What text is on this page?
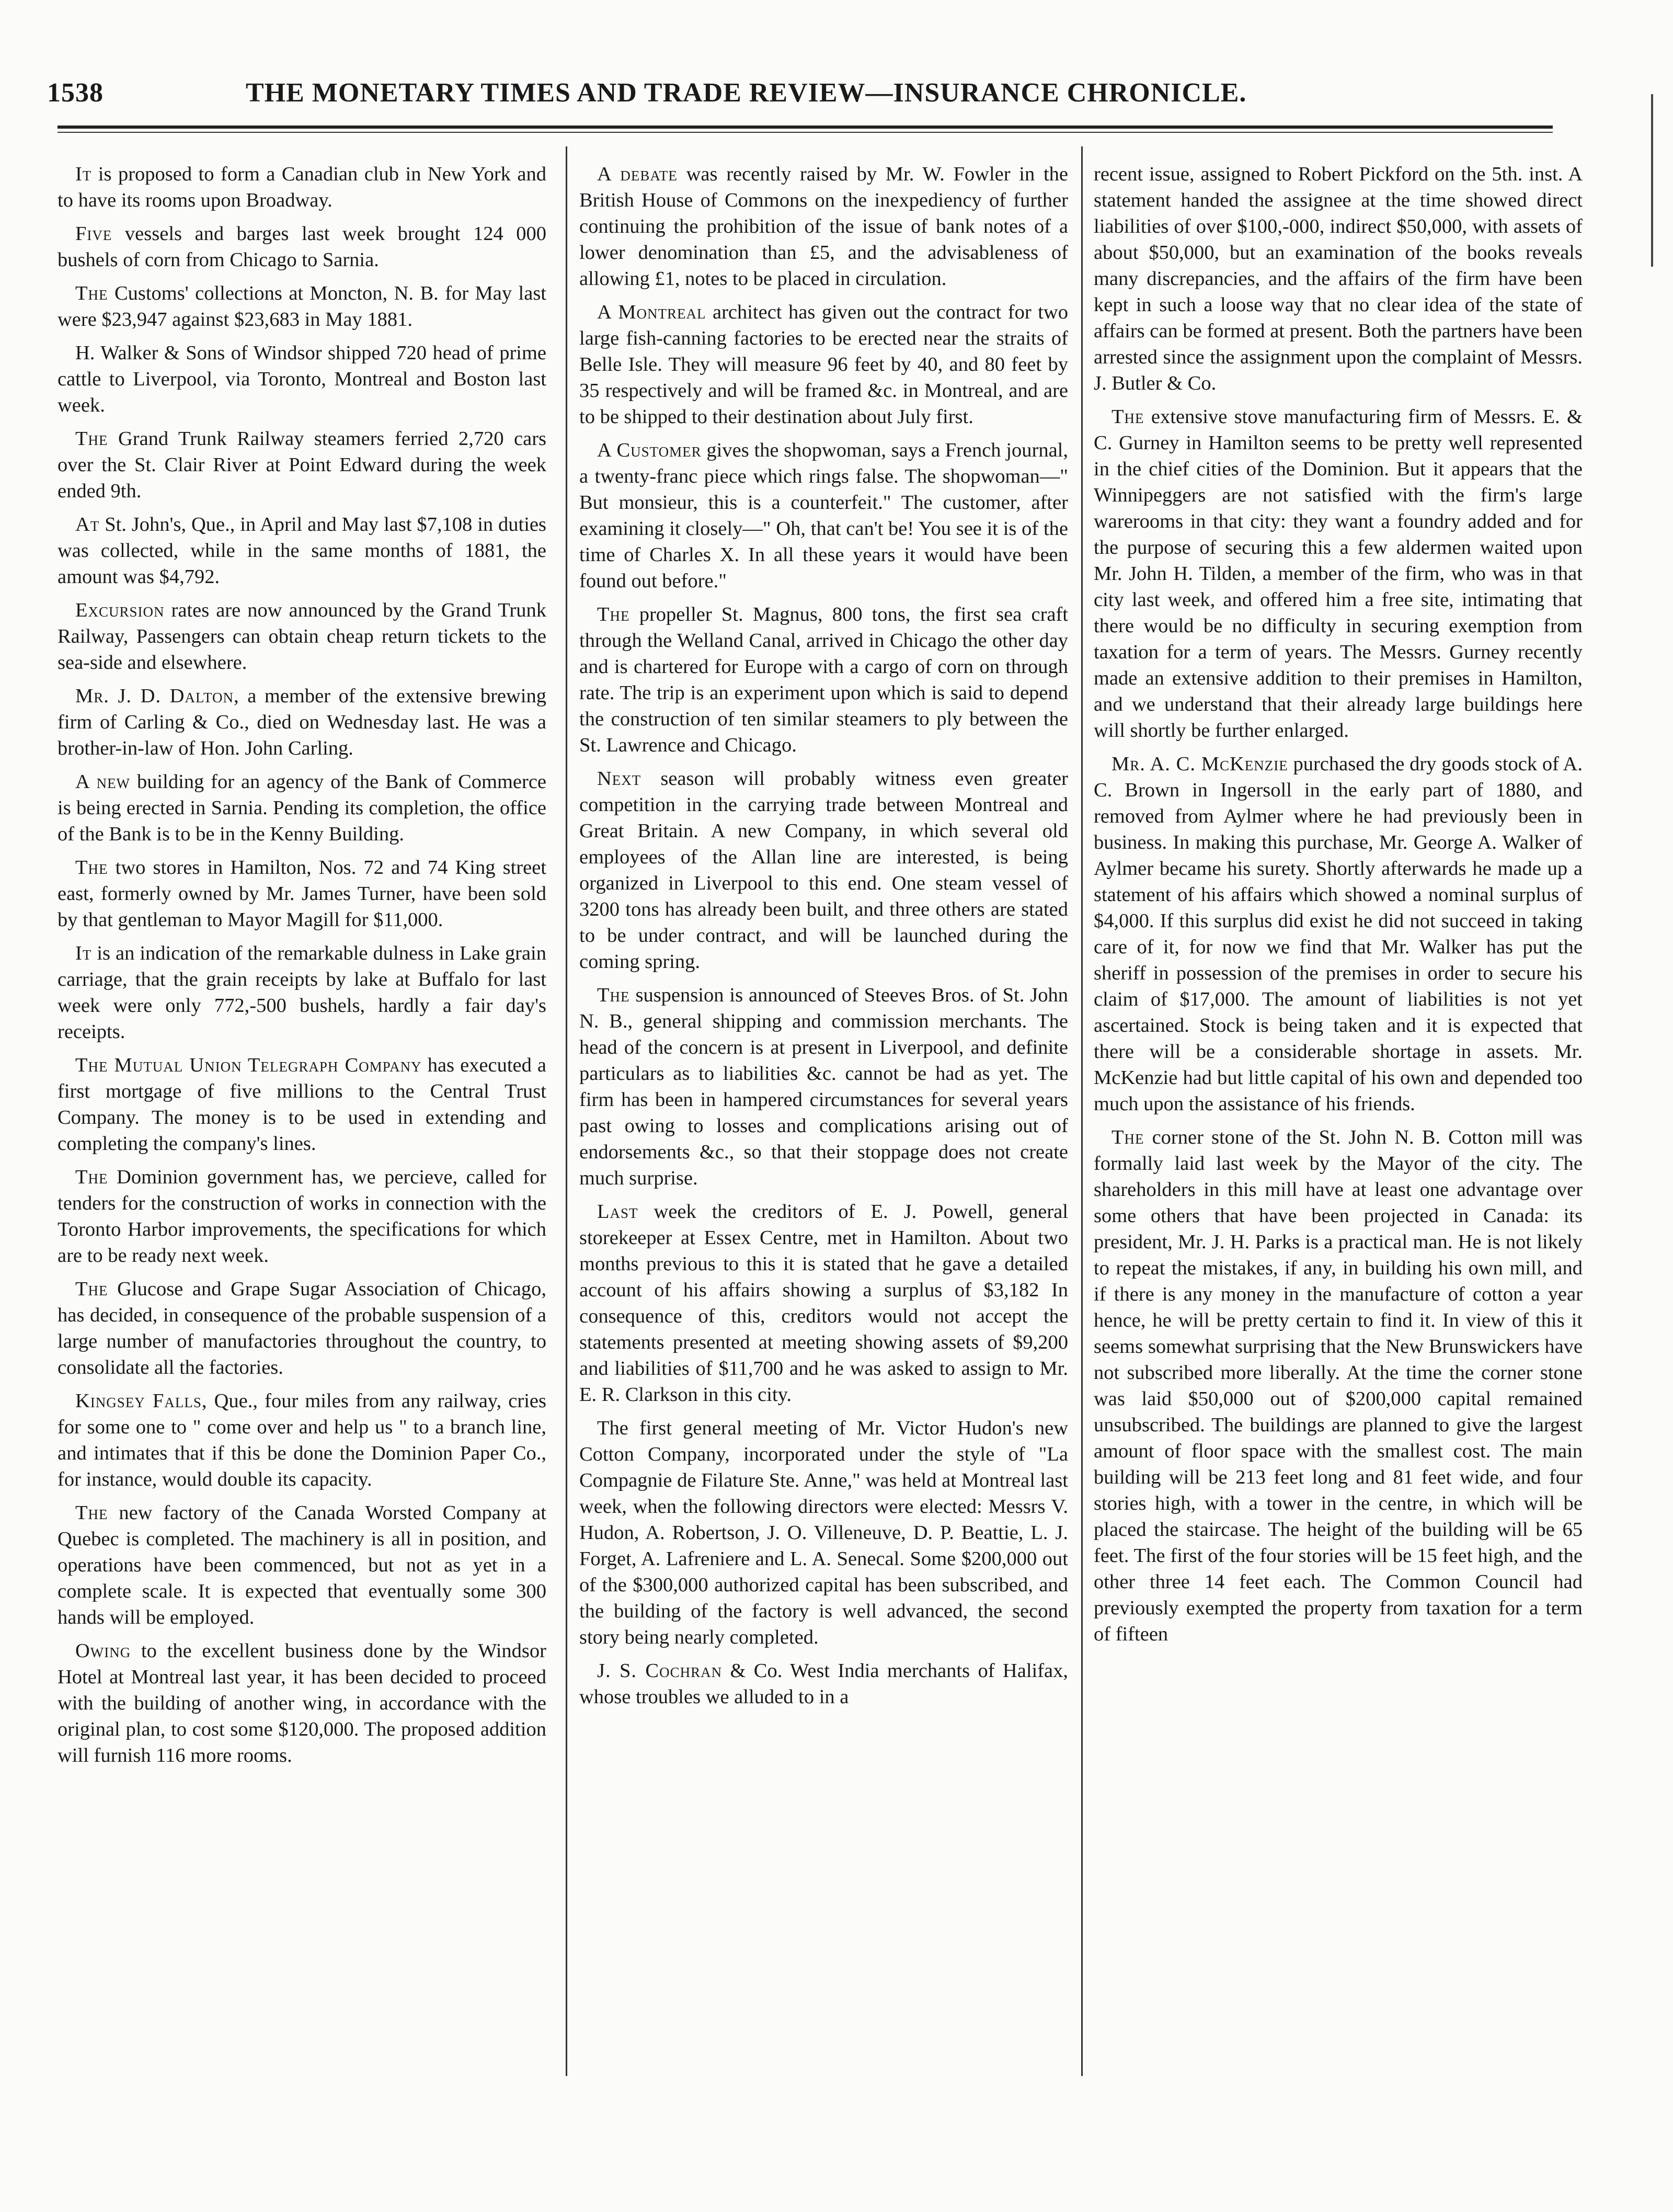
1538	THE MONETARY TIMES AND TRADE REVIEW—INSURANCE CHRONICLE.

It is proposed to form a Canadian club in New York and to have its rooms upon Broadway.

Five vessels and barges last week brought 124 000 bushels of corn from Chicago to Sarnia.

The Customs' collections at Moncton, N. B. for May last were $23,947 against $23,683 in May 1881.

H. Walker & Sons of Windsor shipped 720 head of prime cattle to Liverpool, via Toronto, Montreal and Boston last week.

The Grand Trunk Railway steamers ferried 2,720 cars over the St. Clair River at Point Edward during the week ended 9th.

At St. John's, Que., in April and May last $7,108 in duties was collected, while in the same months of 1881, the amount was $4,792.

Excursion rates are now announced by the Grand Trunk Railway, Passengers can obtain cheap return tickets to the sea-side and elsewhere.

Mr. J. D. Dalton, a member of the extensive brewing firm of Carling & Co., died on Wednesday last. He was a brother-in-law of Hon. John Carling.

A new building for an agency of the Bank of Commerce is being erected in Sarnia. Pending its completion, the office of the Bank is to be in the Kenny Building.

The two stores in Hamilton, Nos. 72 and 74 King street east, formerly owned by Mr. James Turner, have been sold by that gentleman to Mayor Magill for $11,000.

It is an indication of the remarkable dulness in Lake grain carriage, that the grain receipts by lake at Buffalo for last week were only 772,-500 bushels, hardly a fair day's receipts.

The Mutual Union Telegraph Company has executed a first mortgage of five millions to the Central Trust Company. The money is to be used in extending and completing the company's lines.

The Dominion government has, we percieve, called for tenders for the construction of works in connection with the Toronto Harbor improvements, the specifications for which are to be ready next week.

The Glucose and Grape Sugar Association of Chicago, has decided, in consequence of the probable suspension of a large number of manufactories throughout the country, to consolidate all the factories.

Kingsey Falls, Que., four miles from any railway, cries for some one to " come over and help us " to a branch line, and intimates that if this be done the Dominion Paper Co., for instance, would double its capacity.

The new factory of the Canada Worsted Company at Quebec is completed. The machinery is all in position, and operations have been commenced, but not as yet in a complete scale. It is expected that eventually some 300 hands will be employed.

Owing to the excellent business done by the Windsor Hotel at Montreal last year, it has been decided to proceed with the building of another wing, in accordance with the original plan, to cost some $120,000. The proposed addition will furnish 116 more rooms.

A debate was recently raised by Mr. W. Fowler in the British House of Commons on the inexpediency of further continuing the prohibition of the issue of bank notes of a lower denomination than £5, and the advisableness of allowing £1, notes to be placed in circulation.

A Montreal architect has given out the contract for two large fish-canning factories to be erected near the straits of Belle Isle. They will measure 96 feet by 40, and 80 feet by 35 respectively and will be framed &c. in Montreal, and are to be shipped to their destination about July first.

A Customer gives the shopwoman, says a French journal, a twenty-franc piece which rings false. The shopwoman—" But monsieur, this is a counterfeit." The customer, after examining it closely—" Oh, that can't be! You see it is of the time of Charles X. In all these years it would have been found out before."

The propeller St. Magnus, 800 tons, the first sea craft through the Welland Canal, arrived in Chicago the other day and is chartered for Europe with a cargo of corn on through rate. The trip is an experiment upon which is said to depend the construction of ten similar steamers to ply between the St. Lawrence and Chicago.

Next season will probably witness even greater competition in the carrying trade between Montreal and Great Britain. A new Company, in which several old employees of the Allan line are interested, is being organized in Liverpool to this end. One steam vessel of 3200 tons has already been built, and three others are stated to be under contract, and will be launched during the coming spring.

The suspension is announced of Steeves Bros. of St. John N. B., general shipping and commission merchants. The head of the concern is at present in Liverpool, and definite particulars as to liabilities &c. cannot be had as yet. The firm has been in hampered circumstances for several years past owing to losses and complications arising out of endorsements &c., so that their stoppage does not create much surprise.

Last week the creditors of E. J. Powell, general storekeeper at Essex Centre, met in Hamilton. About two months previous to this it is stated that he gave a detailed account of his affairs showing a surplus of $3,182 In consequence of this, creditors would not accept the statements presented at meeting showing assets of $9,200 and liabilities of $11,700 and he was asked to assign to Mr. E. R. Clarkson in this city.

The first general meeting of Mr. Victor Hudon's new Cotton Company, incorporated under the style of "La Compagnie de Filature Ste. Anne," was held at Montreal last week, when the following directors were elected: Messrs V. Hudon, A. Robertson, J. O. Villeneuve, D. P. Beattie, L. J. Forget, A. Lafreniere and L. A. Senecal. Some $200,000 out of the $300,000 authorized capital has been subscribed, and the building of the factory is well advanced, the second story being nearly completed.

J. S. Cochran & Co. West India merchants of Halifax, whose troubles we alluded to in a

recent issue, assigned to Robert Pickford on the 5th. inst. A statement handed the assignee at the time showed direct liabilities of over $100,-000, indirect $50,000, with assets of about $50,000, but an examination of the books reveals many discrepancies, and the affairs of the firm have been kept in such a loose way that no clear idea of the state of affairs can be formed at present. Both the partners have been arrested since the assignment upon the complaint of Messrs. J. Butler & Co.

The extensive stove manufacturing firm of Messrs. E. & C. Gurney in Hamilton seems to be pretty well represented in the chief cities of the Dominion. But it appears that the Winnipeggers are not satisfied with the firm's large warerooms in that city: they want a foundry added and for the purpose of securing this a few aldermen waited upon Mr. John H. Tilden, a member of the firm, who was in that city last week, and offered him a free site, intimating that there would be no difficulty in securing exemption from taxation for a term of years. The Messrs. Gurney recently made an extensive addition to their premises in Hamilton, and we understand that their already large buildings here will shortly be further enlarged.

Mr. A. C. McKenzie purchased the dry goods stock of A. C. Brown in Ingersoll in the early part of 1880, and removed from Aylmer where he had previously been in business. In making this purchase, Mr. George A. Walker of Aylmer became his surety. Shortly afterwards he made up a statement of his affairs which showed a nominal surplus of $4,000. If this surplus did exist he did not succeed in taking care of it, for now we find that Mr. Walker has put the sheriff in possession of the premises in order to secure his claim of $17,000. The amount of liabilities is not yet ascertained. Stock is being taken and it is expected that there will be a considerable shortage in assets. Mr. McKenzie had but little capital of his own and depended too much upon the assistance of his friends.

The corner stone of the St. John N. B. Cotton mill was formally laid last week by the Mayor of the city. The shareholders in this mill have at least one advantage over some others that have been projected in Canada: its president, Mr. J. H. Parks is a practical man. He is not likely to repeat the mistakes, if any, in building his own mill, and if there is any money in the manufacture of cotton a year hence, he will be pretty certain to find it. In view of this it seems somewhat surprising that the New Brunswickers have not subscribed more liberally. At the time the corner stone was laid $50,000 out of $200,000 capital remained unsubscribed. The buildings are planned to give the largest amount of floor space with the smallest cost. The main building will be 213 feet long and 81 feet wide, and four stories high, with a tower in the centre, in which will be placed the staircase. The height of the building will be 65 feet. The first of the four stories will be 15 feet high, and the other three 14 feet each. The Common Council had previously exempted the property from taxation for a term of fifteen
